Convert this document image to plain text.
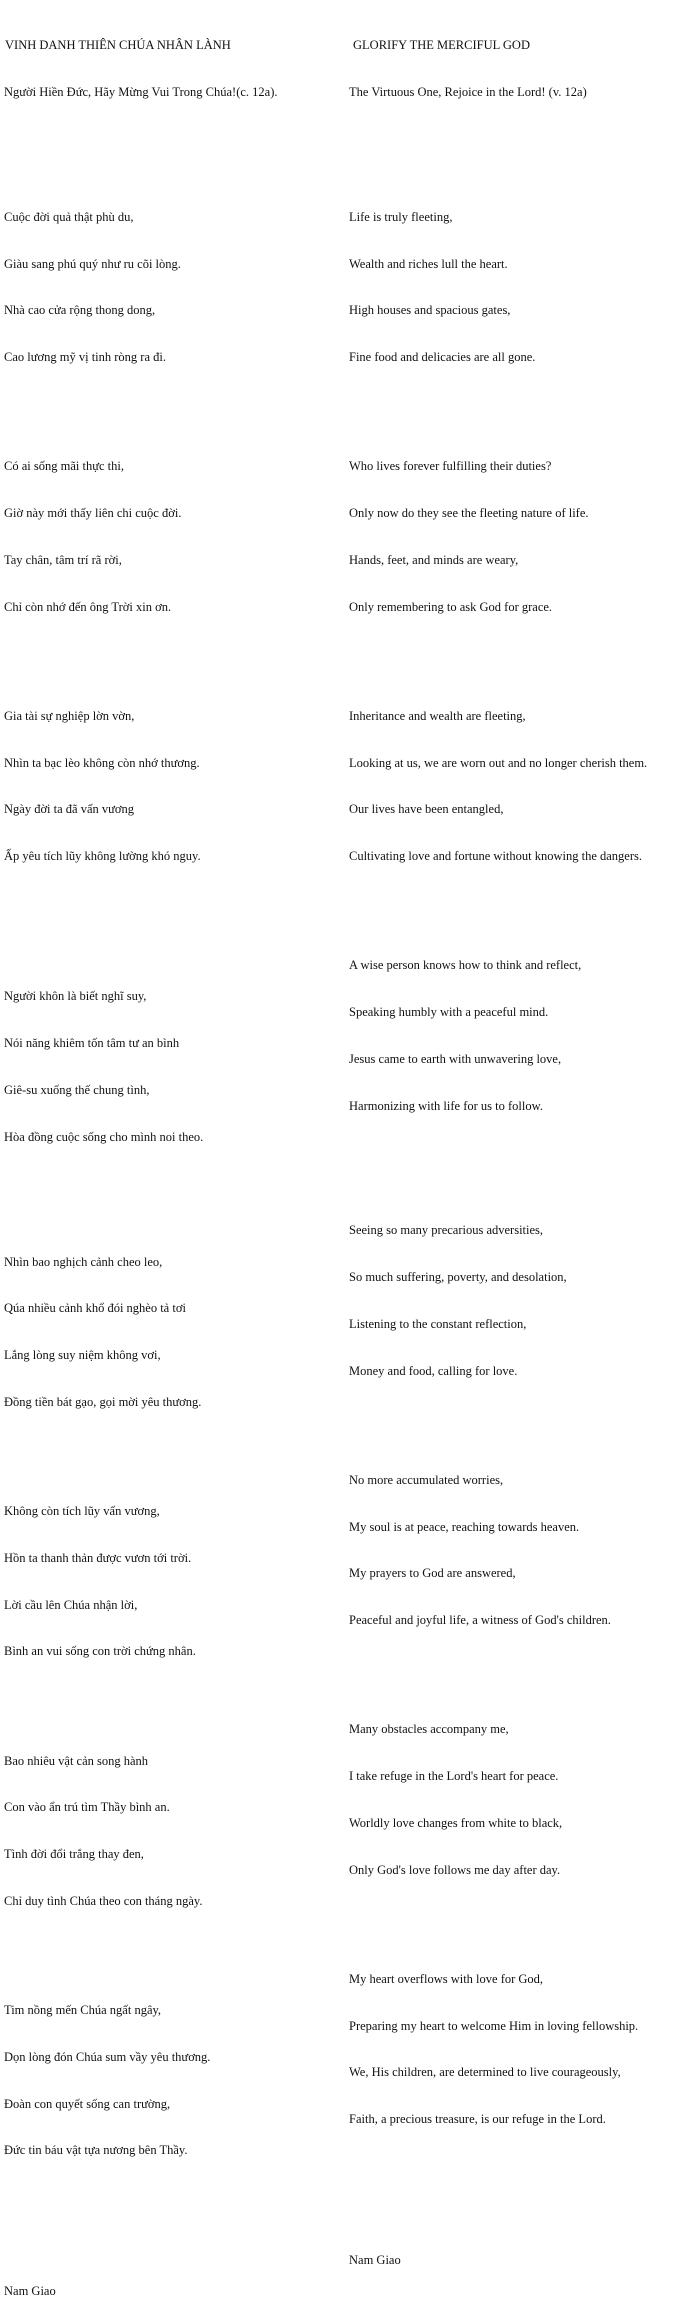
VINH DANH THIÊN CHÚA NHÂN LÀNH

Người Hiền Đức, Hãy Mừng Vui Trong Chúa!(c. 12a).

Cuộc đời quả thật phù du,

Giàu sang phú quý như ru cõi lòng.

Nhà cao cửa rộng thong dong,

Cao lương mỹ vị tinh ròng ra đi.

Có ai sống mãi thực thi,

Giờ này mới thấy liên chi cuộc đời.

Tay chân, tâm trí rã rời,

Chỉ còn nhớ đến ông Trời xin ơn.

Gia tài sự nghiệp lờn vờn,

Nhìn ta bạc lèo không còn nhớ thương.

Ngày đời ta đã vấn vương

Ấp yêu tích lũy không lường khó nguy.

Người khôn là biết nghĩ suy,

Nói năng khiêm tốn tâm tư an bình

Giê-su xuống thế chung tình,

Hòa đồng cuộc sống cho mình noi theo.

Nhìn bao nghịch cảnh cheo leo,

Qúa nhiều cảnh khổ đói nghèo tả tơi

Lắng lòng suy niệm không vơi,

Đồng tiền bát gạo, gọi mời yêu thương.

Không còn tích lũy vấn vương,

Hồn ta thanh thản được vươn tới trời.

Lời cầu lên Chúa nhận lời,

Bình an vui sống con trời chứng nhân.

Bao nhiêu vật cản song hành

Con vào ẩn trú tìm Thầy bình an.

Tình đời đổi trắng thay đen,

Chỉ duy tình Chúa theo con tháng ngày.

Tim nồng mến Chúa ngất ngây,

Dọn lòng đón Chúa sum vầy yêu thương.

Đoàn con quyết sống can trường,

Đức tin báu vật tựa nương bên Thầy.

Nam Giao

GLORIFY THE MERCIFUL GOD

The Virtuous One, Rejoice in the Lord! (v. 12a)

Life is truly fleeting,

Wealth and riches lull the heart.

High houses and spacious gates,

Fine food and delicacies are all gone.

Who lives forever fulfilling their duties?

Only now do they see the fleeting nature of life.

Hands, feet, and minds are weary,

Only remembering to ask God for grace.

Inheritance and wealth are fleeting,

Looking at us, we are worn out and no longer cherish them.

Our lives have been entangled,

Cultivating love and fortune without knowing the dangers.

A wise person knows how to think and reflect,

Speaking humbly with a peaceful mind.

Jesus came to earth with unwavering love,

Harmonizing with life for us to follow.

Seeing so many precarious adversities,

So much suffering, poverty, and desolation,

Listening to the constant reflection,

Money and food, calling for love.

No more accumulated worries,

My soul is at peace, reaching towards heaven.

My prayers to God are answered,

Peaceful and joyful life, a witness of God's children.

Many obstacles accompany me,

I take refuge in the Lord's heart for peace.

Worldly love changes from white to black,

Only God's love follows me day after day.

My heart overflows with love for God,

Preparing my heart to welcome Him in loving fellowship.

We, His children, are determined to live courageously,

Faith, a precious treasure, is our refuge in the Lord.

Nam Giao
